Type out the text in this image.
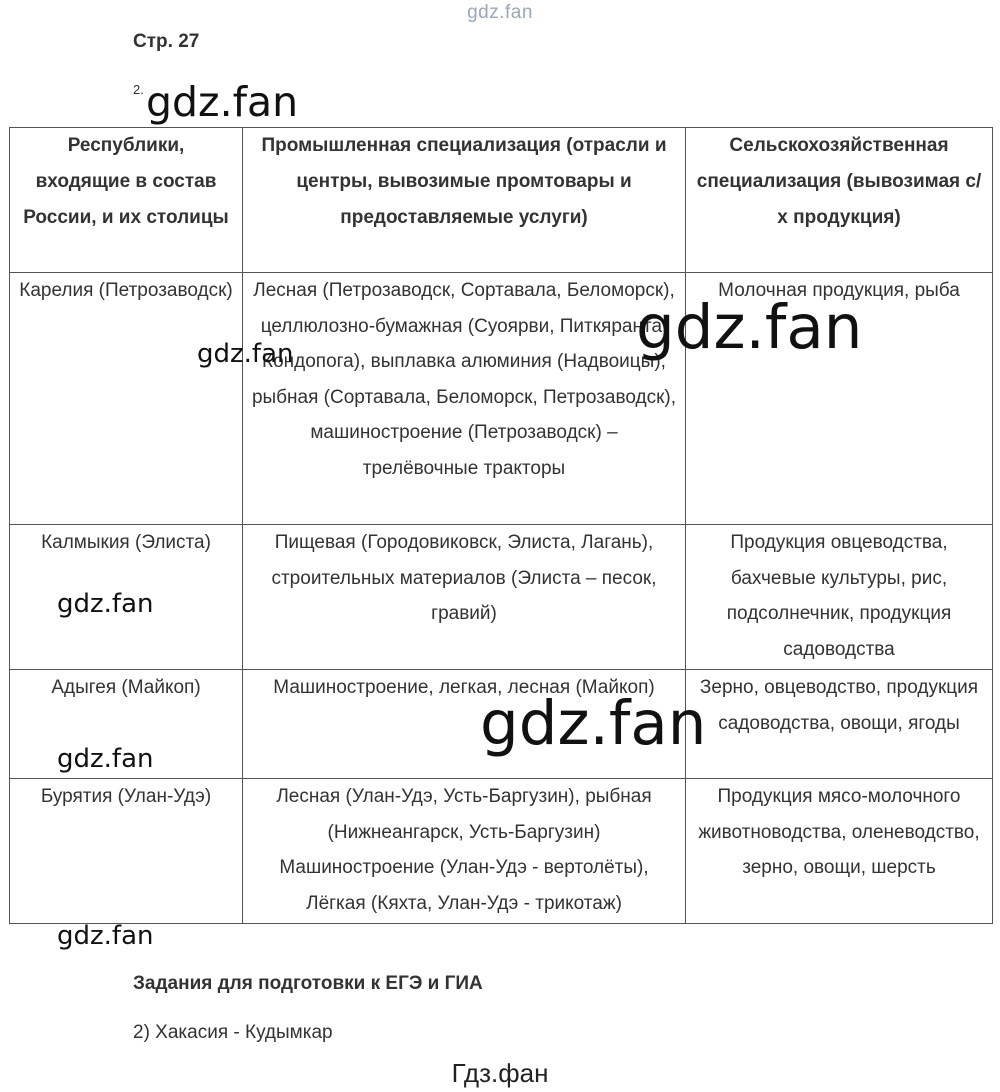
gdz.fan
Стр. 27
2. gdz.fan
Республики, входящие в состав России, и их столицы	Промышленная специализация (отрасли и центры, вывозимые промтовары и предоставляемые услуги)	Сельскохозяйственная специализация (вывозимая с/х продукция)
Карелия (Петрозаводск)	Лесная (Петрозаводск, Сортавала, Беломорск), целлюлозно-бумажная (Суоярви, Питкяранта, Кондопога), выплавка алюминия (Надвоицы), рыбная (Сортавала, Беломорск, Петрозаводск), машиностроение (Петрозаводск) – трелёвочные тракторы	Молочная продукция, рыба
Калмыкия (Элиста)	Пищевая (Городовиковск, Элиста, Лагань), строительных материалов (Элиста – песок, гравий)	Продукция овцеводства, бахчевые культуры, рис, подсолнечник, продукция садоводства
Адыгея (Майкоп)	Машиностроение, легкая, лесная (Майкоп)	Зерно, овцеводство, продукция садоводства, овощи, ягоды
Бурятия (Улан-Удэ)	Лесная (Улан-Удэ, Усть-Баргузин), рыбная (Нижнеангарск, Усть-Баргузин) Машиностроение (Улан-Удэ - вертолёты), Лёгкая (Кяхта, Улан-Удэ - трикотаж)	Продукция мясо-молочного животноводства, оленеводство, зерно, овощи, шерсть
gdz.fan
gdz.fan
gdz.fan
gdz.fan
gdz.fan
gdz.fan
Задания для подготовки к ЕГЭ и ГИА
2) Хакасия - Кудымкар
Гдз.фан
